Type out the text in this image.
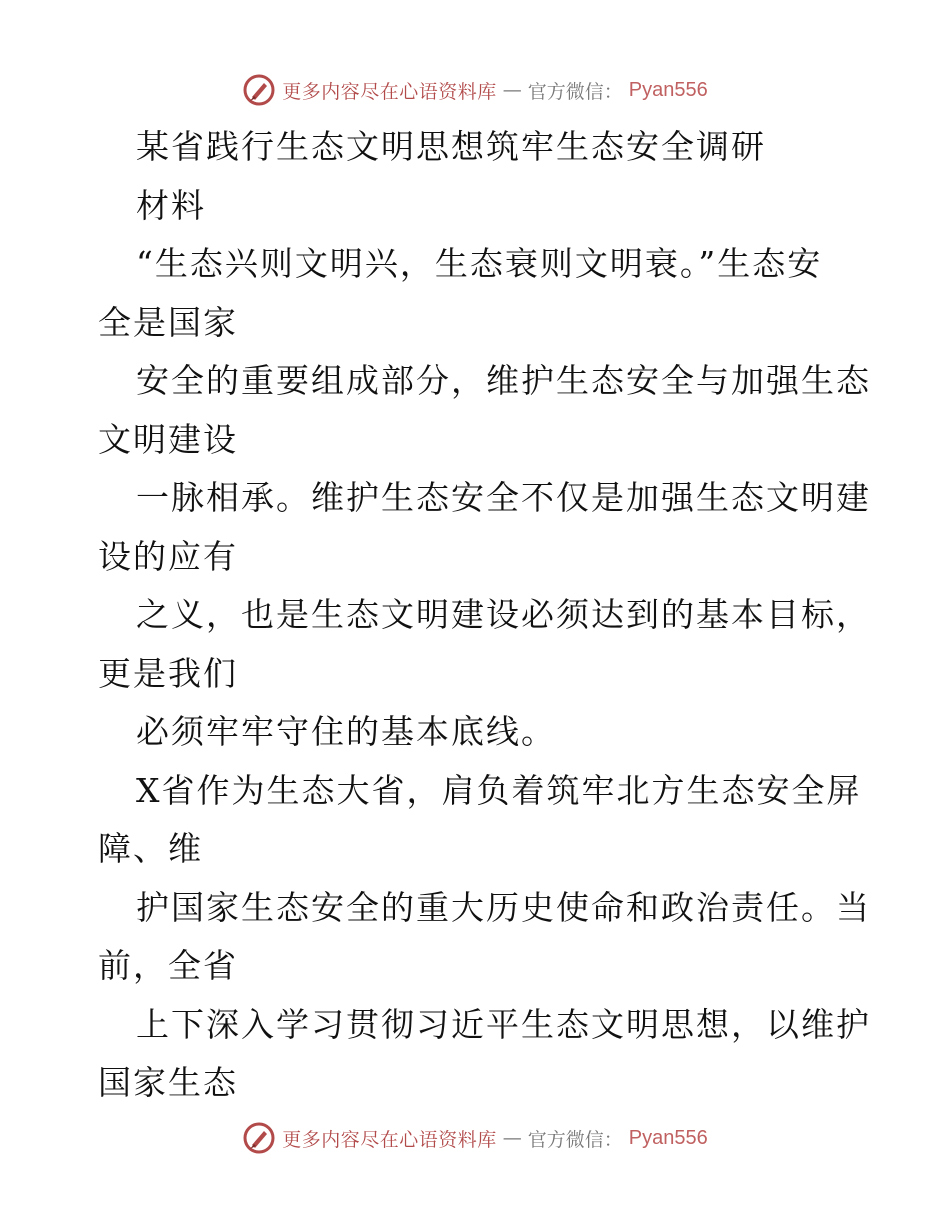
更多内容尽在心语资料库 — 官方微信： Pyan556
某省践行生态文明思想筑牢生态安全调研
材料
“生态兴则文明兴，生态衰则文明衰。”生态安
全是国家
安全的重要组成部分，维护生态安全与加强生态
文明建设
一脉相承。维护生态安全不仅是加强生态文明建
设的应有
之义，也是生态文明建设必须达到的基本目标，
更是我们
必须牢牢守住的基本底线。
X省作为生态大省，肩负着筑牢北方生态安全屏
障、维
护国家生态安全的重大历史使命和政治责任。当
前，全省
上下深入学习贯彻习近平生态文明思想，以维护
国家生态
更多内容尽在心语资料库 — 官方微信： Pyan556
